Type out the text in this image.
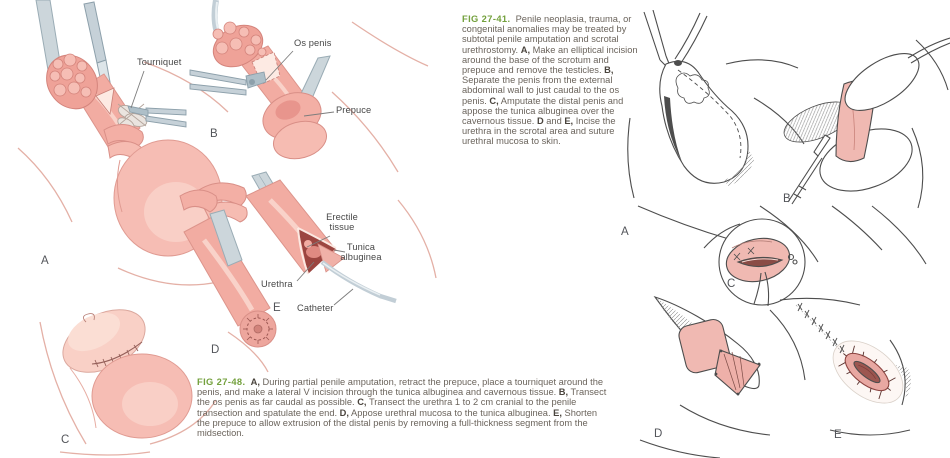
Tourniquet
Os penis
Prepuce
Erectile tissue
Tunica albuginea
Urethra
Catheter
A
B
C
D
E
A
B
C
D	E
FIG 27-41.  Penile neoplasia, trauma, or congenital anomalies may be treated by subtotal penile amputation and scrotal urethrostomy. A, Make an elliptical incision around the base of the scrotum and prepuce and remove the testicles. B, Separate the penis from the external abdominal wall to just caudal to the os penis. C, Amputate the distal penis and appose the tunica albuginea over the cavernous tissue. D and E, Incise the urethra in the scrotal area and suture urethral mucosa to skin.
FIG 27-48. A, During partial penile amputation, retract the prepuce, place a tourniquet around the penis, and make a lateral V incision through the tunica albuginea and cavernous tissue. B, Transect the os penis as far caudal as possible. C, Transect the urethra 1 to 2 cm cranial to the penile transection and spatulate the end. D, Appose urethral mucosa to the tunica albuginea. E, Shorten the prepuce to allow extrusion of the distal penis by removing a full-thickness segment from the midsection.
